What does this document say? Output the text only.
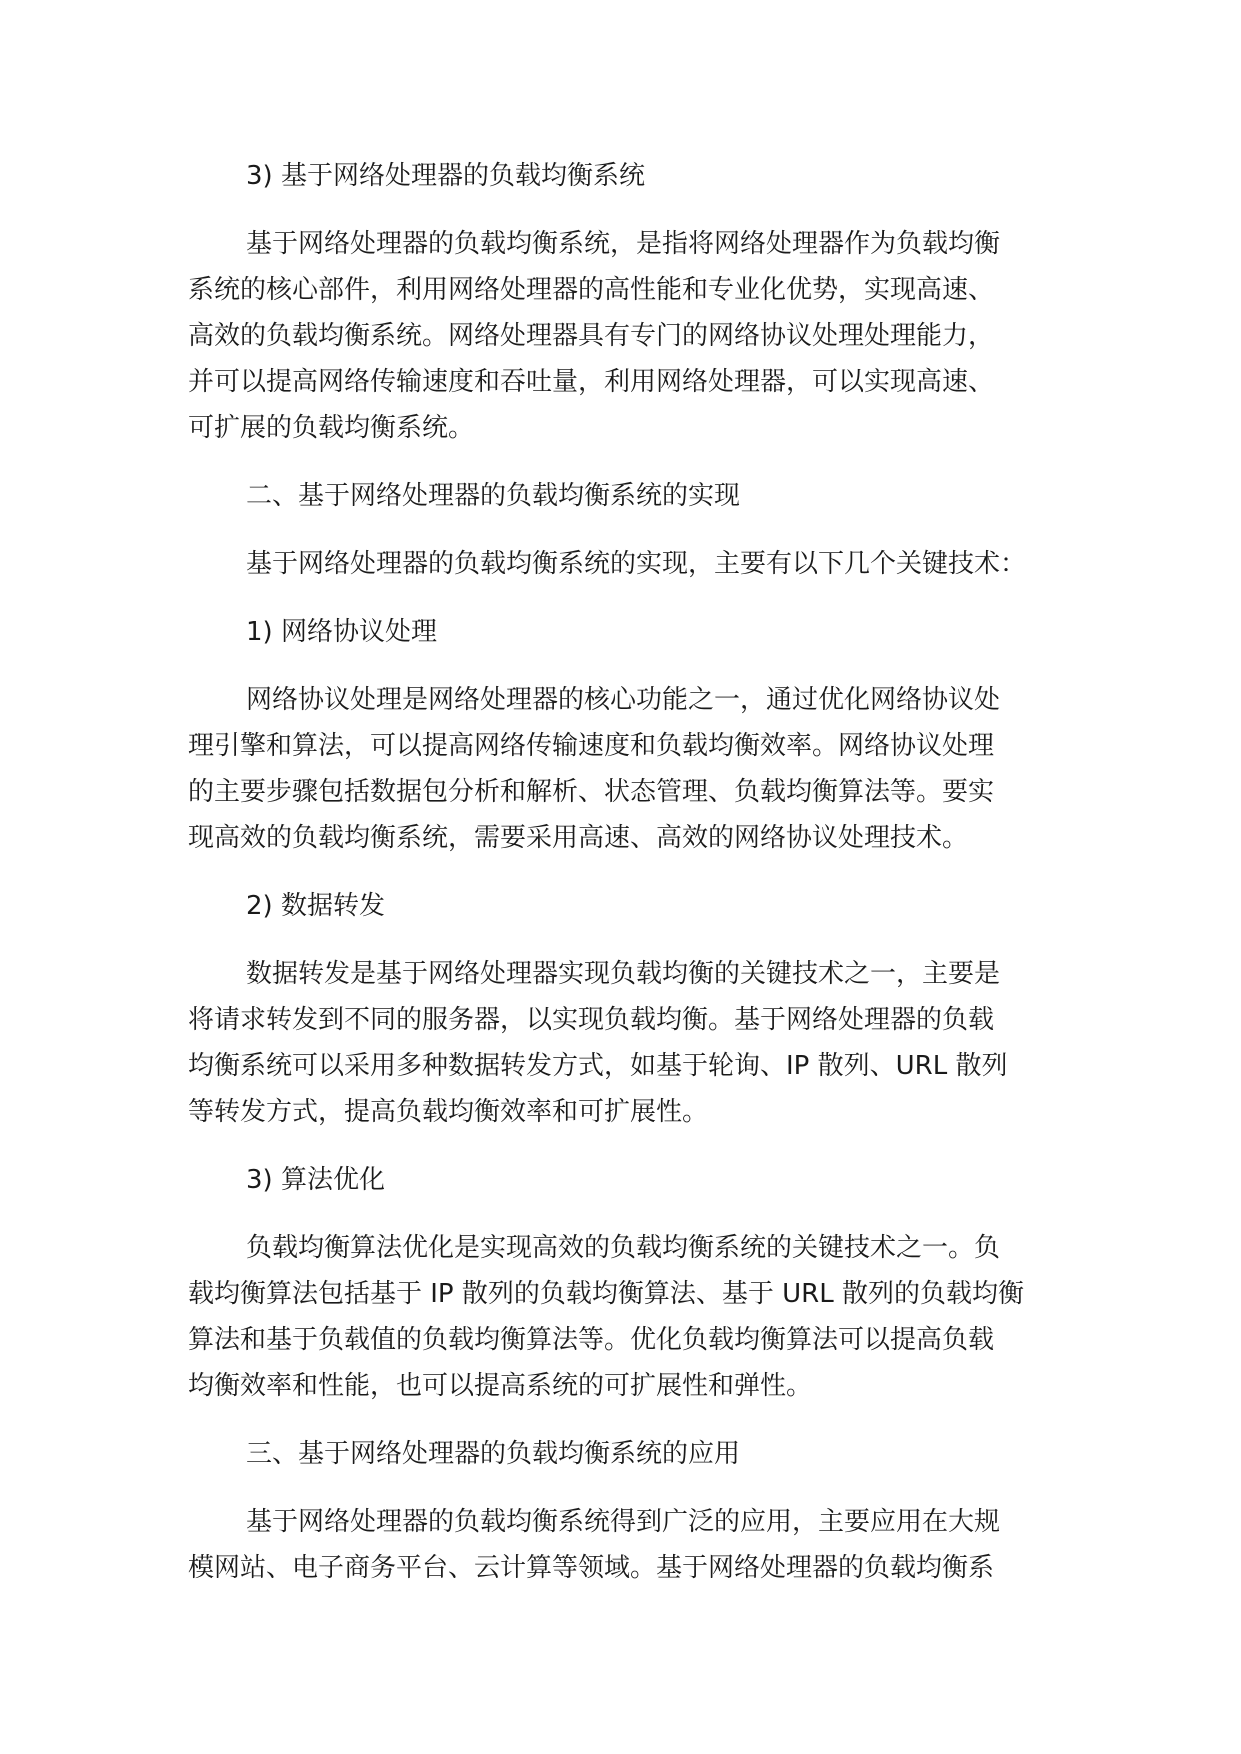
3) 基于网络处理器的负载均衡系统
基于网络处理器的负载均衡系统，是指将网络处理器作为负载均衡
系统的核心部件，利用网络处理器的高性能和专业化优势，实现高速、
高效的负载均衡系统。网络处理器具有专门的网络协议处理处理能力，
并可以提高网络传输速度和吞吐量，利用网络处理器，可以实现高速、
可扩展的负载均衡系统。
二、基于网络处理器的负载均衡系统的实现
基于网络处理器的负载均衡系统的实现，主要有以下几个关键技术：
1) 网络协议处理
网络协议处理是网络处理器的核心功能之一，通过优化网络协议处
理引擎和算法，可以提高网络传输速度和负载均衡效率。网络协议处理
的主要步骤包括数据包分析和解析、状态管理、负载均衡算法等。要实
现高效的负载均衡系统，需要采用高速、高效的网络协议处理技术。
2) 数据转发
数据转发是基于网络处理器实现负载均衡的关键技术之一，主要是
将请求转发到不同的服务器，以实现负载均衡。基于网络处理器的负载
均衡系统可以采用多种数据转发方式，如基于轮询、IP 散列、URL 散列
等转发方式，提高负载均衡效率和可扩展性。
3) 算法优化
负载均衡算法优化是实现高效的负载均衡系统的关键技术之一。负
载均衡算法包括基于 IP 散列的负载均衡算法、基于 URL 散列的负载均衡
算法和基于负载值的负载均衡算法等。优化负载均衡算法可以提高负载
均衡效率和性能，也可以提高系统的可扩展性和弹性。
三、基于网络处理器的负载均衡系统的应用
基于网络处理器的负载均衡系统得到广泛的应用，主要应用在大规
模网站、电子商务平台、云计算等领域。基于网络处理器的负载均衡系
